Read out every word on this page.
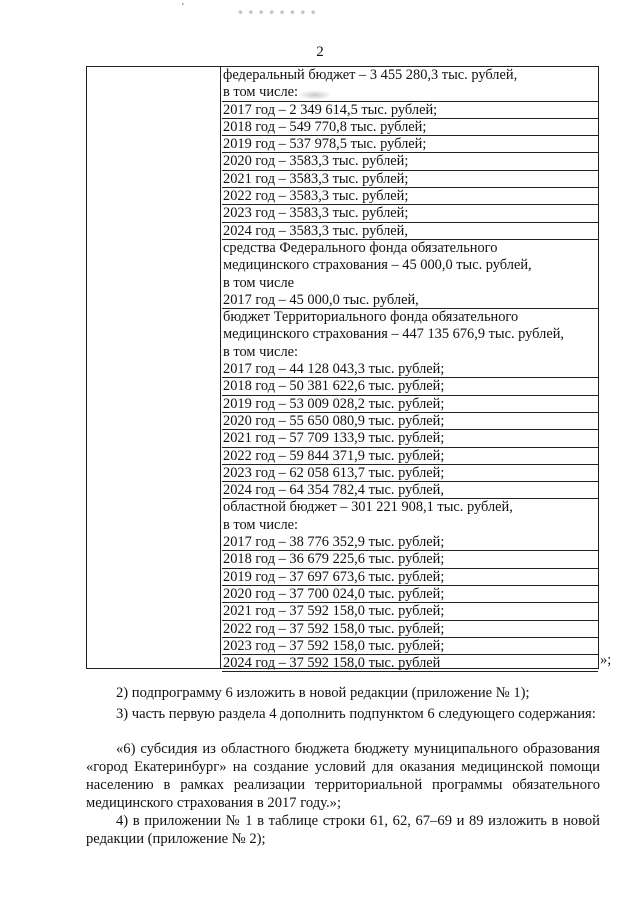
• • • • • • • •
'
2
федеральный бюджет – 3 455 280,3 тыс. рублей,
в том числе:
2017 год – 2 349 614,5 тыс. рублей;
2018 год – 549 770,8 тыс. рублей;
2019 год – 537 978,5 тыс. рублей;
2020 год – 3583,3 тыс. рублей;
2021 год – 3583,3 тыс. рублей;
2022 год – 3583,3 тыс. рублей;
2023 год – 3583,3 тыс. рублей;
2024 год – 3583,3 тыс. рублей,
средства Федерального фонда обязательного
медицинского страхования – 45 000,0 тыс. рублей,
в том числе
2017 год – 45 000,0 тыс. рублей,
бюджет Территориального фонда обязательного
медицинского страхования – 447 135 676,9 тыс. рублей,
в том числе:
2017 год – 44 128 043,3 тыс. рублей;
2018 год – 50 381 622,6 тыс. рублей;
2019 год – 53 009 028,2 тыс. рублей;
2020 год – 55 650 080,9 тыс. рублей;
2021 год – 57 709 133,9 тыс. рублей;
2022 год – 59 844 371,9 тыс. рублей;
2023 год – 62 058 613,7 тыс. рублей;
2024 год – 64 354 782,4 тыс. рублей,
областной бюджет – 301 221 908,1 тыс. рублей,
в том числе:
2017 год – 38 776 352,9 тыс. рублей;
2018 год – 36 679 225,6 тыс. рублей;
2019 год – 37 697 673,6 тыс. рублей;
2020 год – 37 700 024,0 тыс. рублей;
2021 год – 37 592 158,0 тыс. рублей;
2022 год – 37 592 158,0 тыс. рублей;
2023 год – 37 592 158,0 тыс. рублей;
2024 год – 37 592 158,0 тыс. рублей	»;

2) подпрограмму 6 изложить в новой редакции (приложение № 1);

3) часть первую раздела 4 дополнить подпунктом 6 следующего содержания:

«6) субсидия из областного бюджета бюджету муниципального образования «город Екатеринбург» на создание условий для оказания медицинской помощи населению в рамках реализации территориальной программы обязательного медицинского страхования в 2017 году.»;

4) в приложении № 1 в таблице строки 61, 62, 67–69 и 89 изложить в новой редакции (приложение № 2);
